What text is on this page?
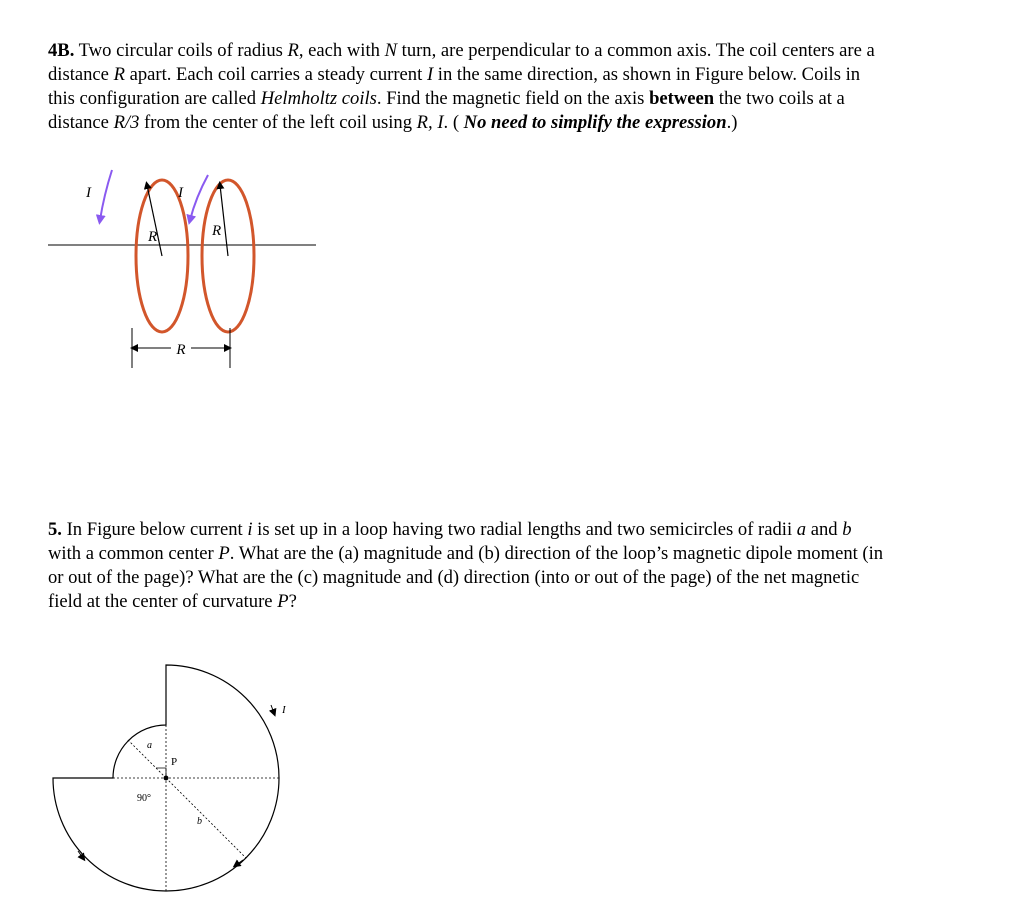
4B. Two circular coils of radius R, each with N turn, are perpendicular to a common axis. The coil centers are a

distance R apart. Each coil carries a steady current I in the same direction, as shown in Figure below. Coils in
this configuration are called Helmholtz coils. Find the magnetic field on the axis between the two coils at a
distance R/3 from the center of the left coil using R, I. ( No need to simplify the expression.)
R	R
I	I
R
5. In Figure below current i is set up in a loop having two radial lengths and two semicircles of radii a and b

with a common center P. What are the (a) magnitude and (b) direction of the loop’s magnetic dipole moment (in
or out of the page)? What are the (c) magnitude and (d) direction (into or out of the page) of the net magnetic
field at the center of curvature P?
I
P
a
b
90°
